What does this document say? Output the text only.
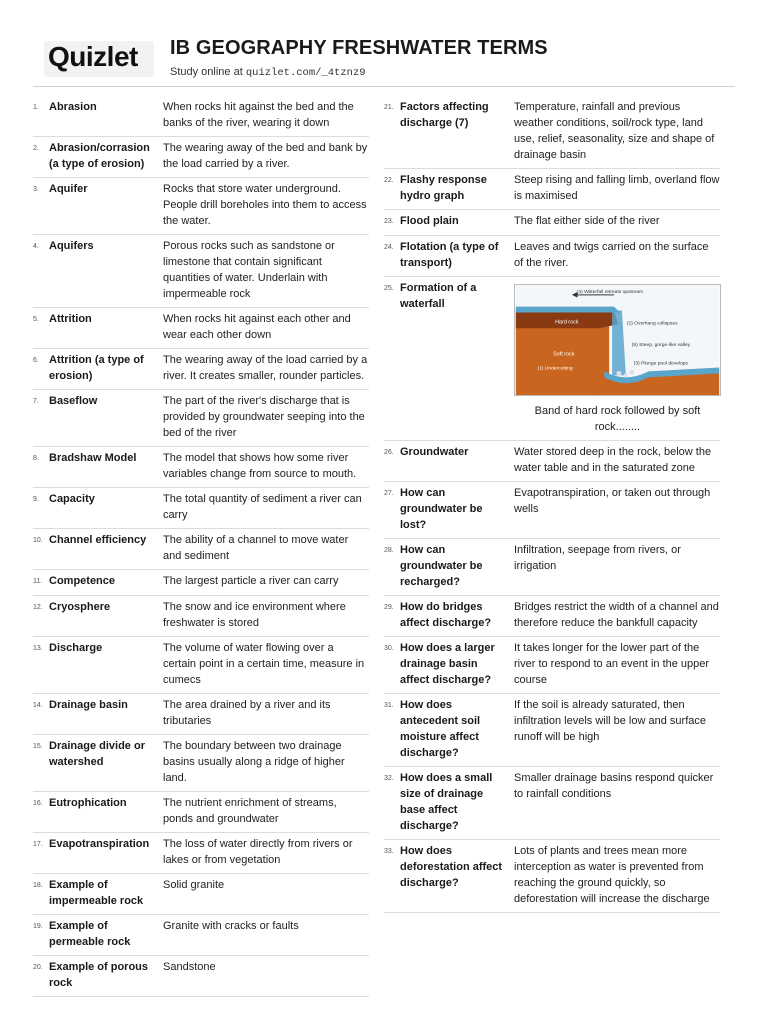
Quizlet IB GEOGRAPHY FRESHWATER TERMS
Study online at quizlet.com/_4tznz9
1. Abrasion	When rocks hit against the bed and the banks of the river, wearing it down
2. Abrasion/corrasion (a type of erosion)
The wearing away of the bed and bank by the load carried by a river.
3. Aquifer	Rocks that store water underground. People drill boreholes into them to access the water.
4. Aquifers	Porous rocks such as sandstone or limestone that contain significant quantities of water. Underlain with impermeable rock
5. Attrition	When rocks hit against each other and wear each other down
6. Attrition (a type of erosion)
The wearing away of the load carried by a river. It creates smaller, rounder particles.
7. Baseflow	The part of the river's discharge that is provided by groundwater seeping into the bed of the river
8. Bradshaw Model	The model that shows how some river variables change from source to mouth.
9. Capacity	The total quantity of sediment a river can carry
10. Channel efficiency	The ability of a channel to move water and sediment
11. Competence	The largest particle a river can carry
12. Cryosphere	The snow and ice environment where freshwater is stored
13. Discharge	The volume of water flowing over a certain point in a certain time, measure in cumecs
14. Drainage basin	The area drained by a river and its tributaries
15. Drainage divide or watershed
The boundary between two drainage basins usually along a ridge of higher land.
16. Eutrophication	The nutrient enrichment of streams, ponds and groundwater
17. Evapotranspiration	The loss of water directly from rivers or lakes or from vegetation
18. Example of impermeable rock
Solid granite
19. Example of permeable rock
Granite with cracks or faults
20. Example of porous rock
Sandstone
21. Factors affecting discharge (7)
Temperature, rainfall and previous weather conditions, soil/rock type, land use, relief, seasonality, size and shape of drainage basin
22. Flashy response hydro graph
Steep rising and falling limb, overland flow is maximised
23. Flood plain	The flat either side of the river
24. Flotation (a type of transport)
Leaves and twigs carried on the surface of the river.
25. Formation of a waterfall
(4) Waterfall retreats upstream
Hard rock
Soft rock
(2) Overhang collapses
(5) Steep, gorge-like valley
(1) Undercutting
(3) Plunge pool develops
Band of hard rock followed by soft rock........
26. Groundwater	Water stored deep in the rock, below the water table and in the saturated zone
27. How can groundwater be lost?
Evapotranspiration, or taken out through wells
28. How can groundwater be recharged?
Infiltration, seepage from rivers, or irrigation
29. How do bridges affect discharge?
Bridges restrict the width of a channel and therefore reduce the bankfull capacity
30. How does a larger drainage basin affect discharge?
It takes longer for the lower part of the river to respond to an event in the upper course
31. How does antecedent soil moisture affect discharge?
If the soil is already saturated, then infiltration levels will be low and surface runoff will be high
32. How does a small size of drainage base affect discharge?
Smaller drainage basins respond quicker to rainfall conditions
33. How does deforestation affect discharge?
Lots of plants and trees mean more interception as water is prevented from reaching the ground quickly, so deforestation will increase the discharge
